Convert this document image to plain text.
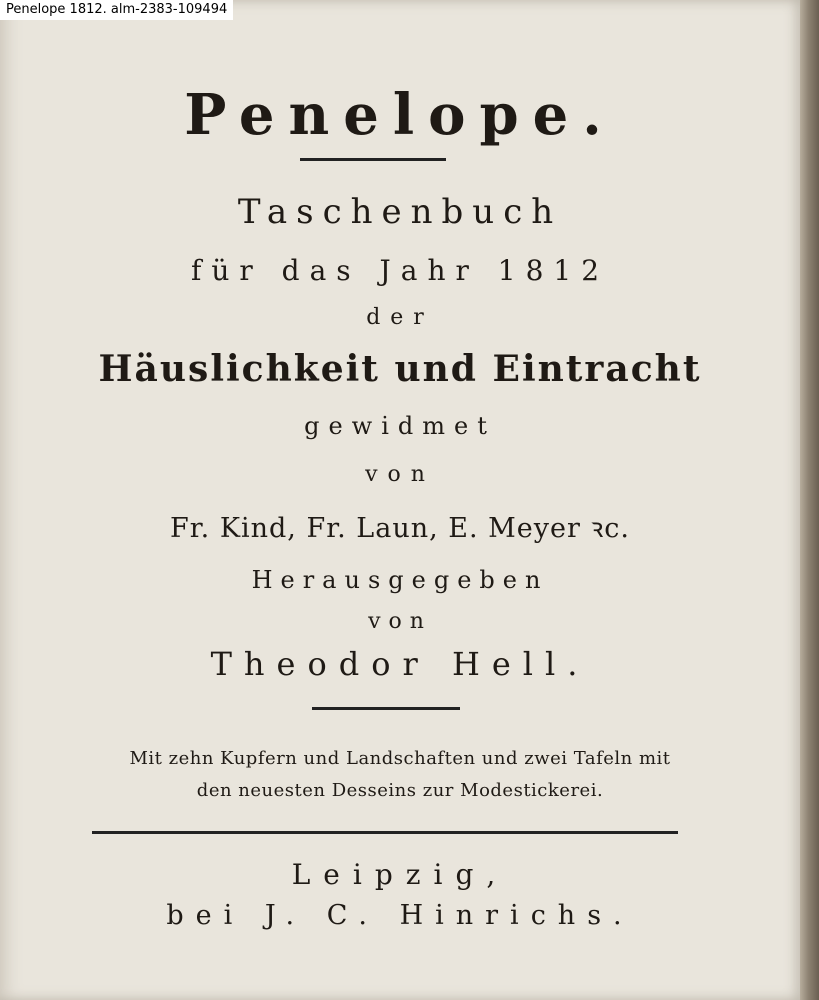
Penelope.
Taschenbuch
für das Jahr 1812
der
Häuslichkeit und Eintracht
gewidmet
von
Fr. Kind, Fr. Laun, E. Meyer ꝛc.
Herausgegeben
von
Theodor Hell.
Mit zehn Kupfern und Landschaften und zwei Tafeln mit
den neuesten Desseins zur Modestickerei.
Leipzig,
bei J. C. Hinrichs.
Penelope 1812. alm-2383-109494
